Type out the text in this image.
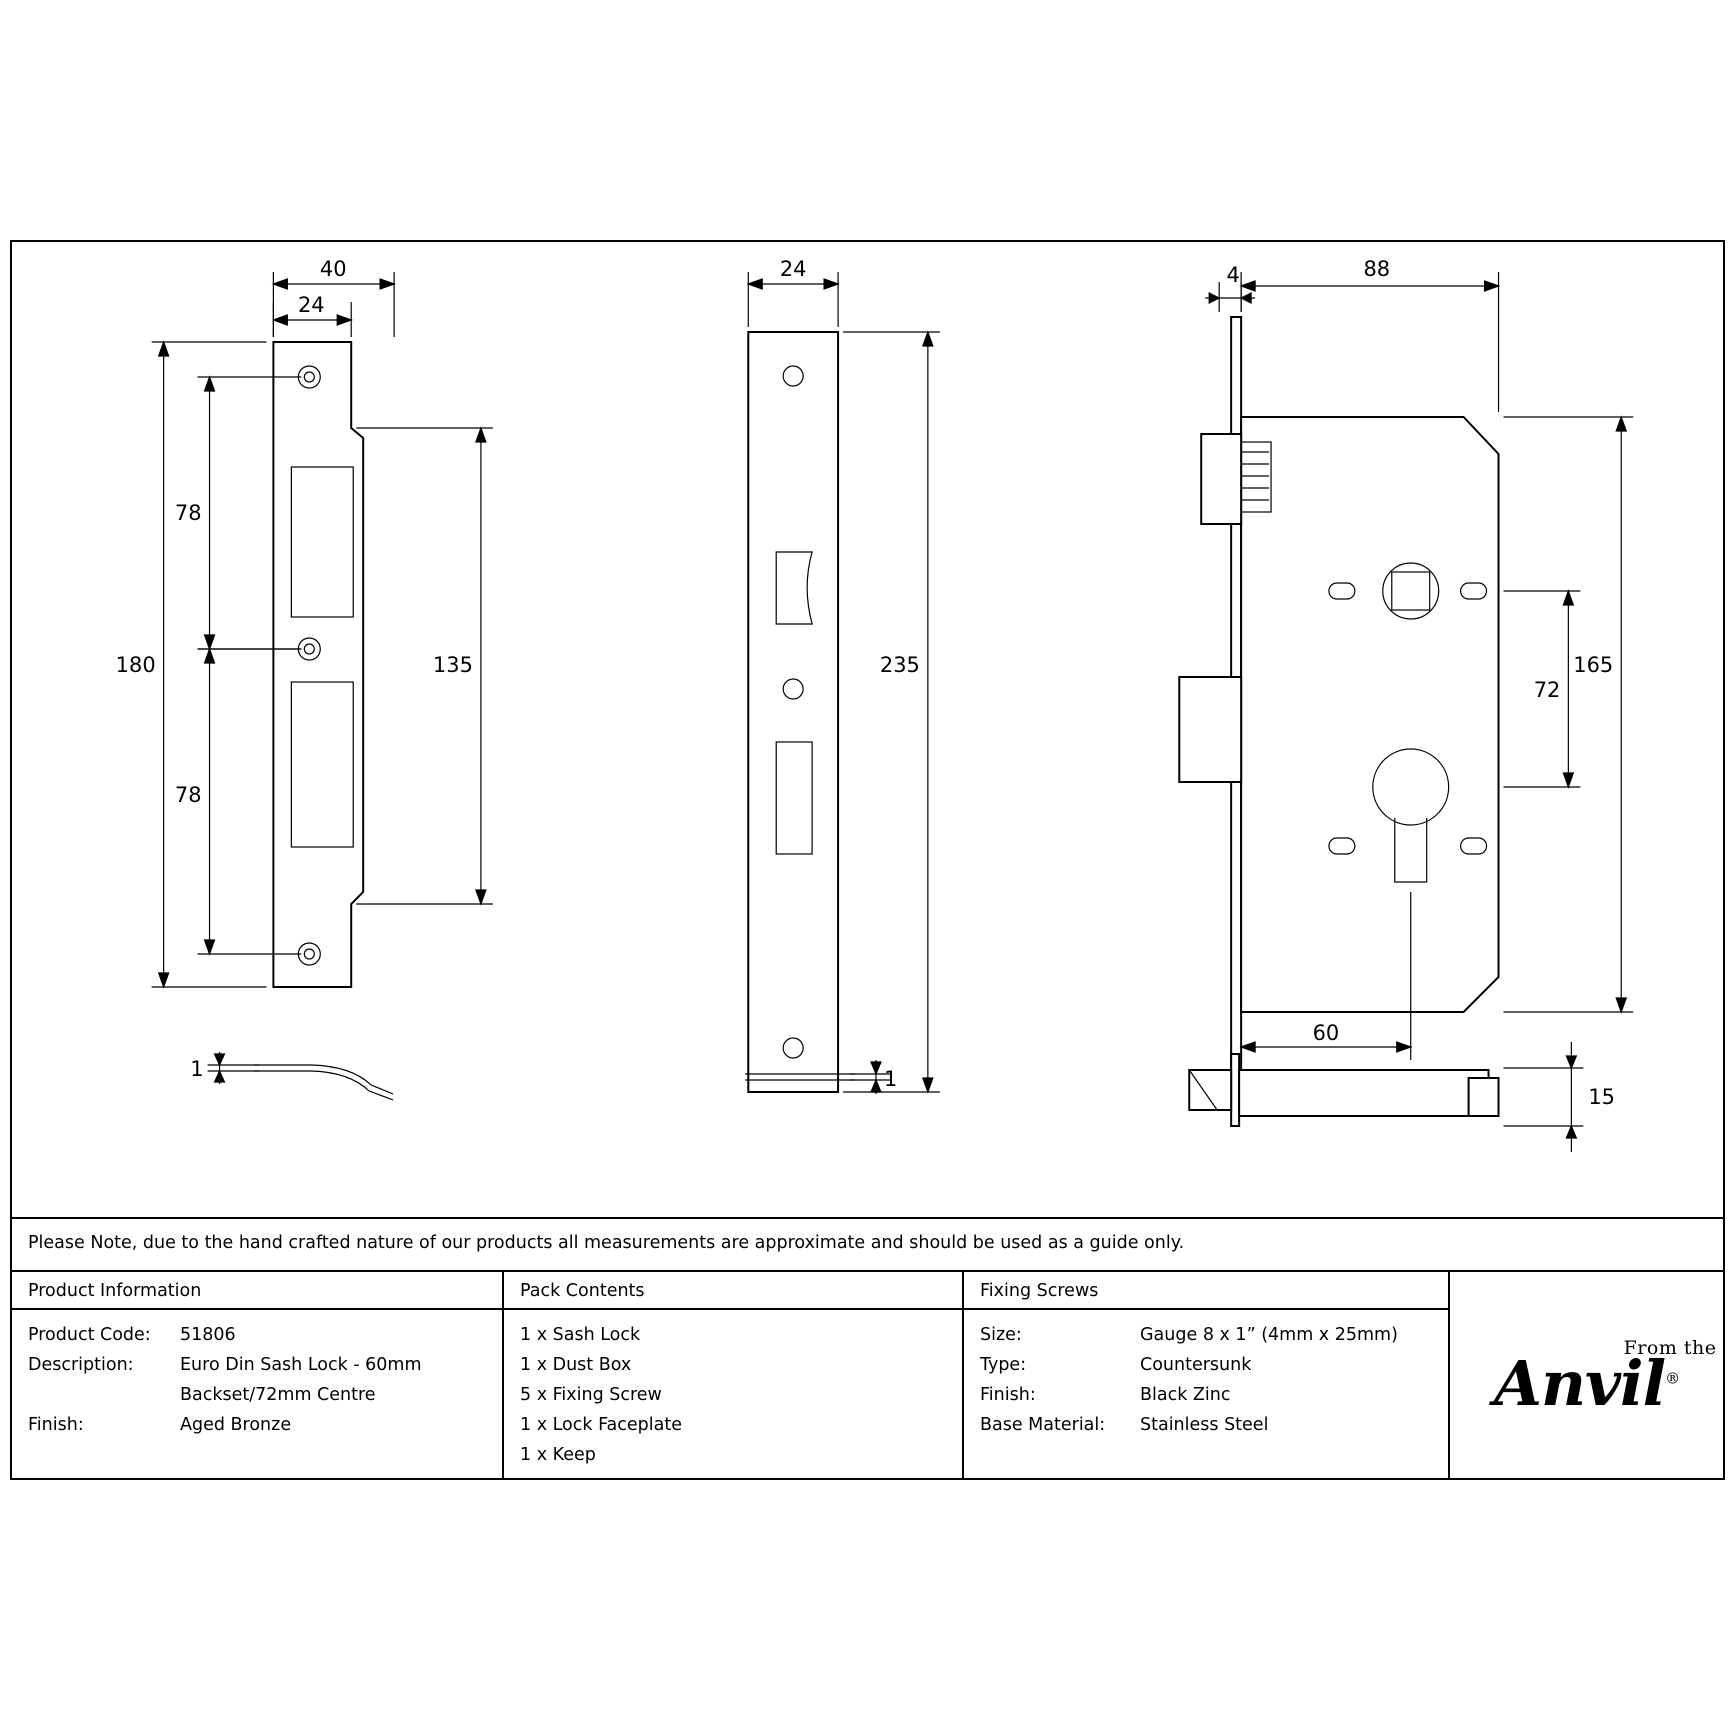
40
24
180
78
78
135
1
24
235
1
88
4
165
72
60
15
Please Note, due to the hand crafted nature of our products all measurements are approximate and should be used as a guide only.
Product Information
Product Code: 51806
Description:	Euro Din Sash Lock - 60mm
Backset/72mm Centre
Finish:	Aged Bronze
Pack Contents
1 x Sash Lock
1 x Dust Box
5 x Fixing Screw
1 x Lock Faceplate
1 x Keep
Fixing Screws
Size:	Gauge 8 x 1” (4mm x 25mm)
Type:	Countersunk
Finish:	Black Zinc
Base Material: Stainless Steel
From the
Anvil®
